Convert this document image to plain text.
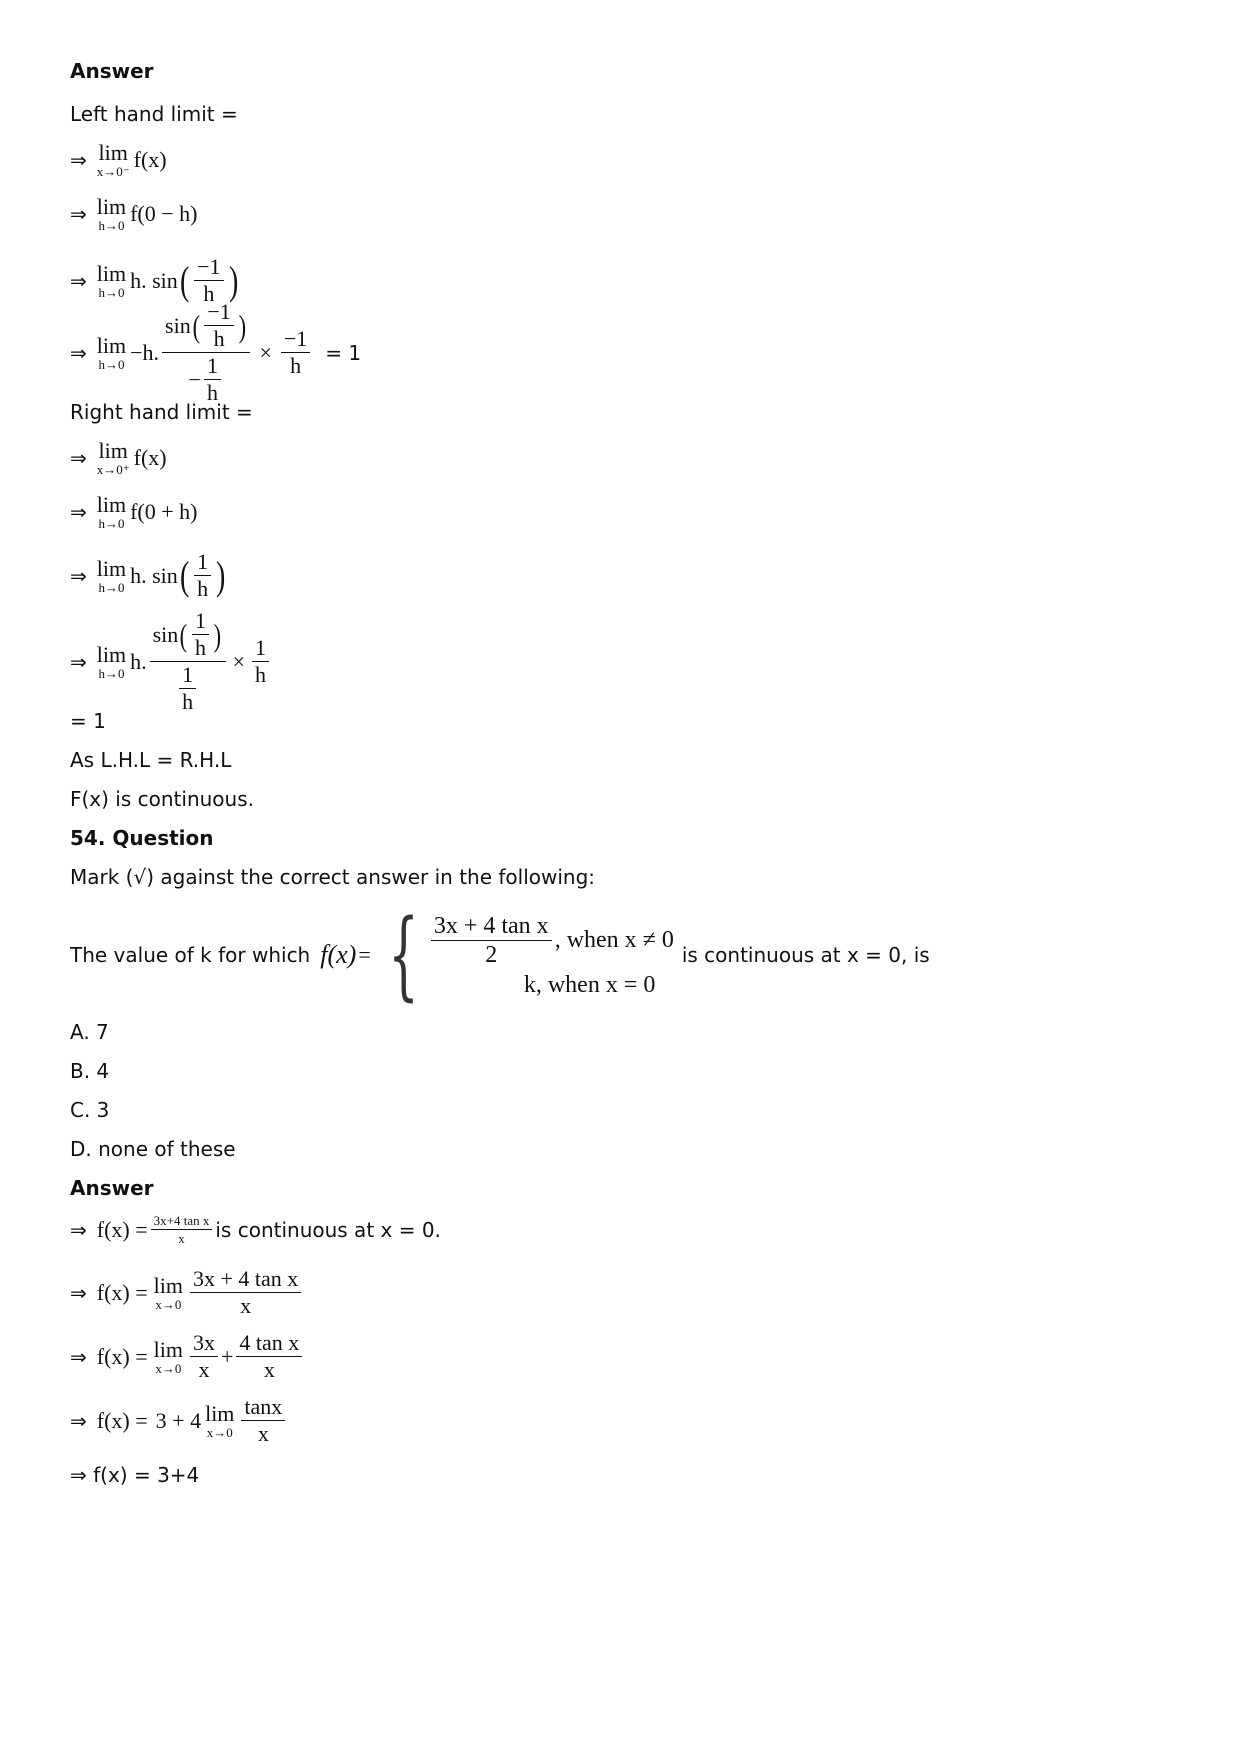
Answer
Left hand limit =
⇒ lim
x→0⁻ f(x)
⇒ lim
h→0 f(0 − h)
⇒ lim
h→0 h. sin ( $\frac{-1}{h}$ )
⇒ lim
h→0 −h.
sin ( $\frac{-1}{h}$ )
− $\frac{1}{h}$
× $\frac{-1}{h} = 1$
Right hand limit =
⇒ lim
x→0⁺ f(x)
⇒ lim
h→0 f(0 + h)
⇒ lim
h→0 h. sin ( $\frac{1}{h}$ )
⇒ lim
h→0 h.
sin ( $\frac{1}{h}$ )
$\frac{1}{h}$
× $\frac{1}{h}$
= 1
As L.H.L = R.H.L
F(x) is continuous.
54. Question
Mark (√) against the correct answer in the following:
The value of k for which f(x) = { $\frac{\text{3x + 4 tan x}}{2}$ , when x ≠ 0
k, when x = 0
is continuous at x = 0, is
A. 7
B. 4
C. 3
D. none of these
Answer
⇒ $f(x) = \frac{\text{3x+4 tan x}}{x}$ is continuous at x = 0.
⇒ f(x) = lim
$x\to 0 \frac{\text{3x + 4 tan x}}{x}$
⇒ f(x) = lim
$x\to 0 \frac{3x}{x} + \frac{\text{4 tan x}}{x}$
⇒ f(x) = 3 + 4 lim
$x\to 0 \frac{\tan x}{x}$
⇒ f(x) = 3+4
